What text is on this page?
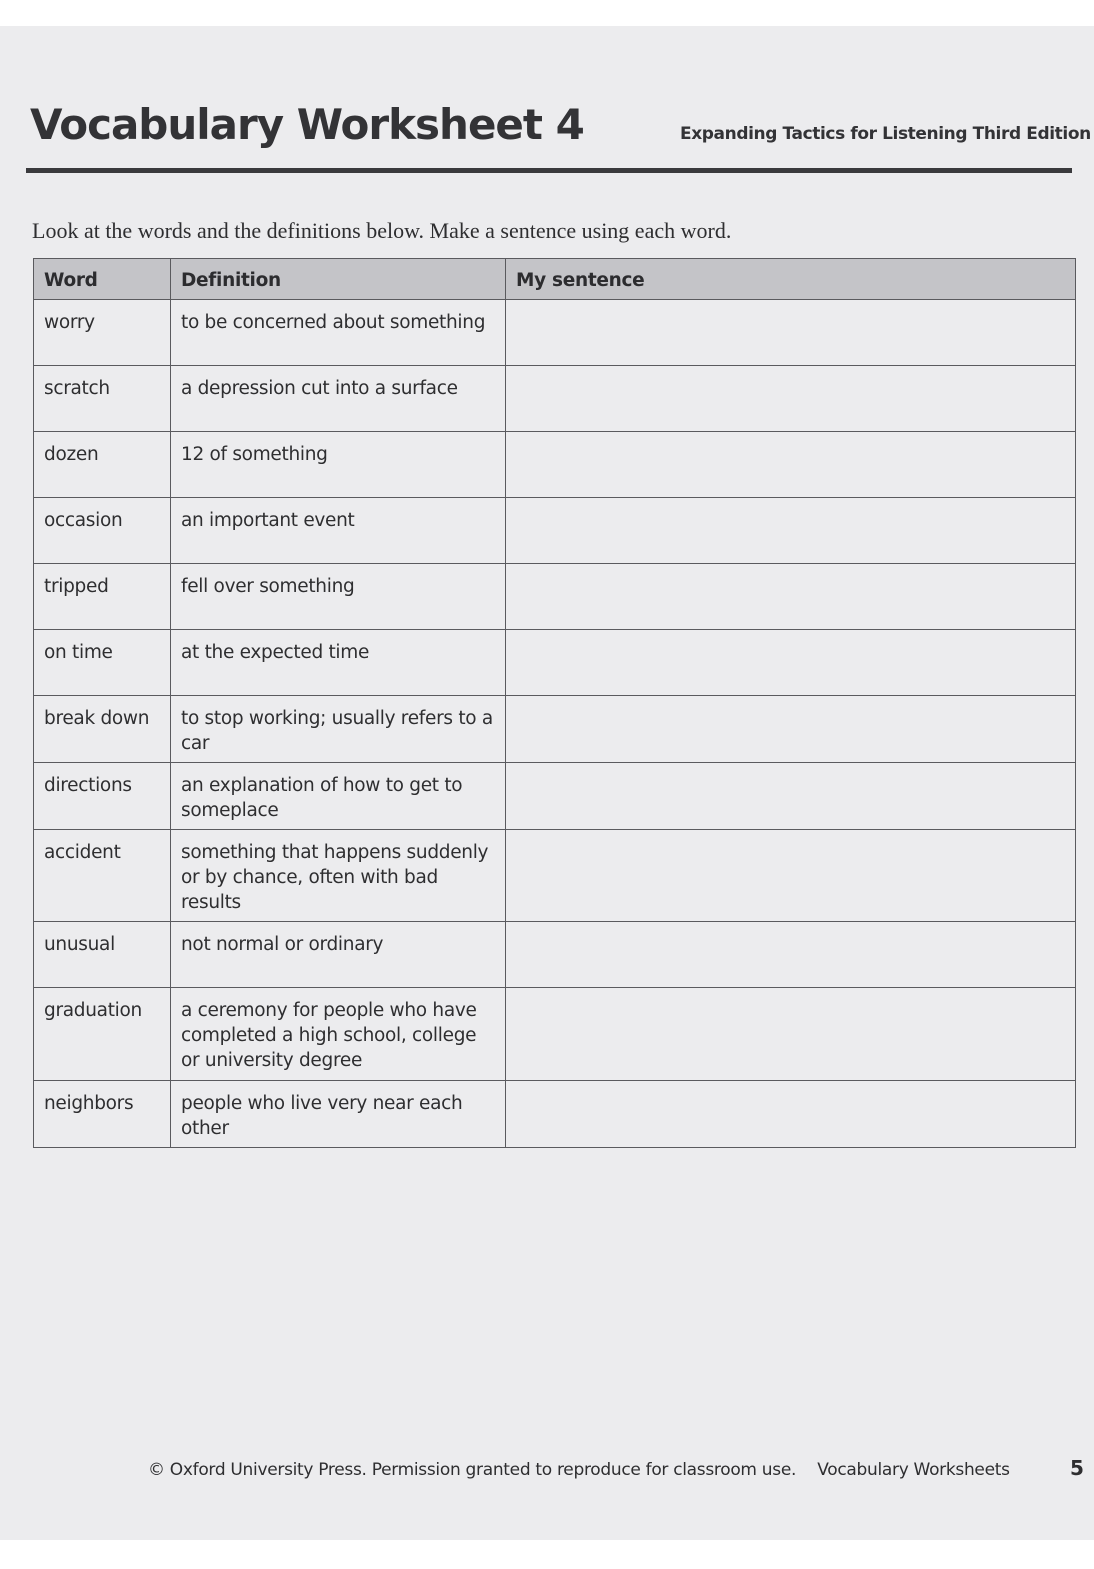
Vocabulary Worksheet 4	Expanding Tactics for Listening Third Edition

Look at the words and the definitions below. Make a sentence using each word.

Word	Definition	My sentence
worry	to be concerned about something	
scratch	a depression cut into a surface	
dozen	12 of something	
occasion	an important event	
tripped	fell over something	
on time	at the expected time	
break down	to stop working; usually refers to a car	
directions	an explanation of how to get to someplace	
accident	something that happens suddenly or by chance, often with bad results	
unusual	not normal or ordinary	
graduation	a ceremony for people who have completed a high school, college or university degree	
neighbors	people who live very near each other	
© Oxford University Press. Permission granted to reproduce for classroom use. Vocabulary Worksheets	5
